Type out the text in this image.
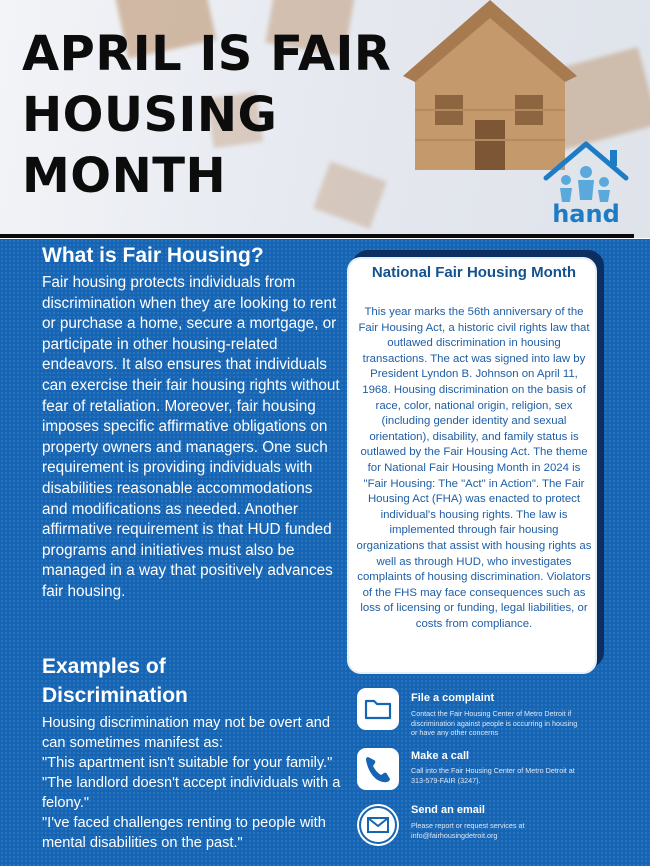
APRIL IS FAIR
HOUSING
MONTH
hand
What is Fair Housing?

Fair housing protects individuals from discrimination when they are looking to rent or purchase a home, secure a mortgage, or participate in other housing-related endeavors. It also ensures that individuals can exercise their fair housing rights without fear of retaliation. Moreover, fair housing imposes specific affirmative obligations on property owners and managers. One such requirement is providing individuals with disabilities reasonable accommodations and modifications as needed. Another affirmative requirement is that HUD funded programs and initiatives must also be managed in a way that positively advances fair housing.

Examples of Discrimination
Housing discrimination may not be overt and can sometimes manifest as:
"This apartment isn't suitable for your family."
"The landlord doesn't accept individuals with a felony."
"I've faced challenges renting to people with mental disabilities on the past."
National Fair Housing Month
This year marks the 56th anniversary of the Fair Housing Act, a historic civil rights law that outlawed discrimination in housing transactions. The act was signed into law by President Lyndon B. Johnson on April 11, 1968. Housing discrimination on the basis of race, color, national origin, religion, sex (including gender identity and sexual orientation), disability, and family status is outlawed by the Fair Housing Act. The theme for National Fair Housing Month in 2024 is "Fair Housing: The "Act" in Action". The Fair Housing Act (FHA) was enacted to protect individual's housing rights. The law is implemented through fair housing organizations that assist with housing rights as well as through HUD, who investigates complaints of housing discrimination. Violators of the FHS may face consequences such as loss of licensing or funding, legal liabilities, or costs from compliance.
File a complaint
Contact the Fair Housing Center of Metro Detroit if discrimination against people is occurring in housing or have any other concerns
Make a call
Call into the Fair Housing Center of Metro Detroit at 313-579-FAIR (3247).
Send an email
Please report or request services at info@fairhousingdetroit.org
